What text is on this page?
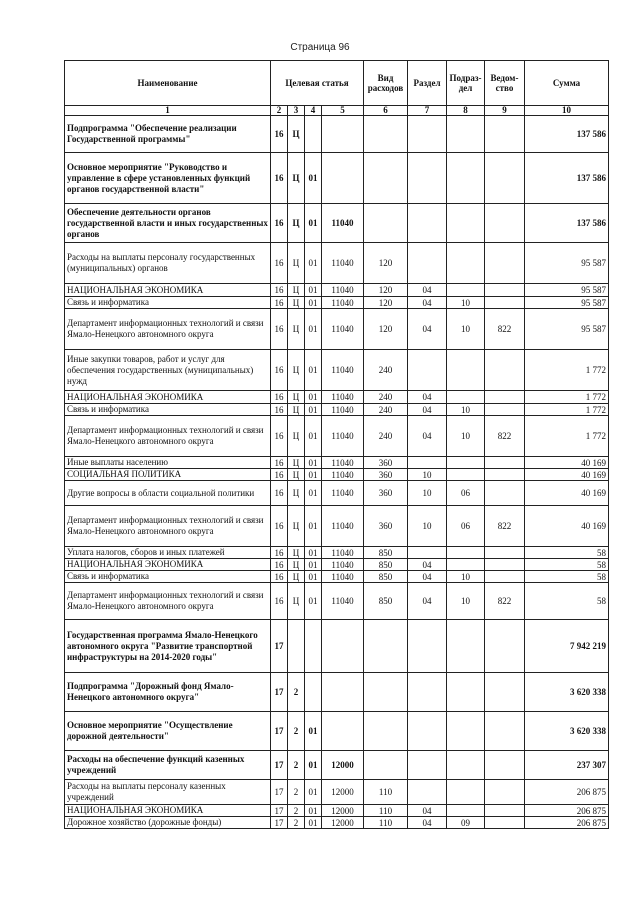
Страница 96
Наименование	Целевая статья				Вид расходов	Раздел	Подраз- дел	Ведом- ство	Сумма
1	2	3	4	5	6	7	8	9	10
Подпрограмма "Обеспечение реализации Государственной программы"	16	Ц							137 586
Основное мероприятие "Руководство и управление в сфере установленных функций органов государственной власти"	16	Ц	01						137 586
Обеспечение деятельности органов государственной власти и иных государственных органов	16	Ц	01	11040					137 586
Расходы на выплаты персоналу государственных (муниципальных) органов	16	Ц	01	11040	120				95 587
НАЦИОНАЛЬНАЯ ЭКОНОМИКА	16	Ц	01	11040	120	04			95 587
Связь и информатика	16	Ц	01	11040	120	04	10		95 587
Департамент информационных технологий и связи Ямало-Ненецкого автономного округа	16	Ц	01	11040	120	04	10	822	95 587
Иные закупки товаров, работ и услуг для обеспечения государственных (муниципальных) нужд	16	Ц	01	11040	240				1 772
НАЦИОНАЛЬНАЯ ЭКОНОМИКА	16	Ц	01	11040	240	04			1 772
Связь и информатика	16	Ц	01	11040	240	04	10		1 772
Департамент информационных технологий и связи Ямало-Ненецкого автономного округа	16	Ц	01	11040	240	04	10	822	1 772
Иные выплаты населению	16	Ц	01	11040	360				40 169
СОЦИАЛЬНАЯ ПОЛИТИКА	16	Ц	01	11040	360	10			40 169
Другие вопросы в области социальной политики	16	Ц	01	11040	360	10	06		40 169
Департамент информационных технологий и связи Ямало-Ненецкого автономного округа	16	Ц	01	11040	360	10	06	822	40 169
Уплата налогов, сборов и иных платежей	16	Ц	01	11040	850				58
НАЦИОНАЛЬНАЯ ЭКОНОМИКА	16	Ц	01	11040	850	04			58
Связь и информатика	16	Ц	01	11040	850	04	10		58
Департамент информационных технологий и связи Ямало-Ненецкого автономного округа	16	Ц	01	11040	850	04	10	822	58
Государственная программа Ямало-Ненецкого автономного округа "Развитие транспортной инфраструктуры на 2014-2020 годы"	17								7 942 219
Подпрограмма "Дорожный фонд Ямало-Ненецкого автономного округа"	17	2							3 620 338
Основное мероприятие "Осуществление дорожной деятельности"	17	2	01						3 620 338
Расходы на обеспечение функций казенных учреждений	17	2	01	12000					237 307
Расходы на выплаты персоналу казенных учреждений	17	2	01	12000	110				206 875
НАЦИОНАЛЬНАЯ ЭКОНОМИКА	17	2	01	12000	110	04			206 875
Дорожное хозяйство (дорожные фонды)	17	2	01	12000	110	04	09		206 875
